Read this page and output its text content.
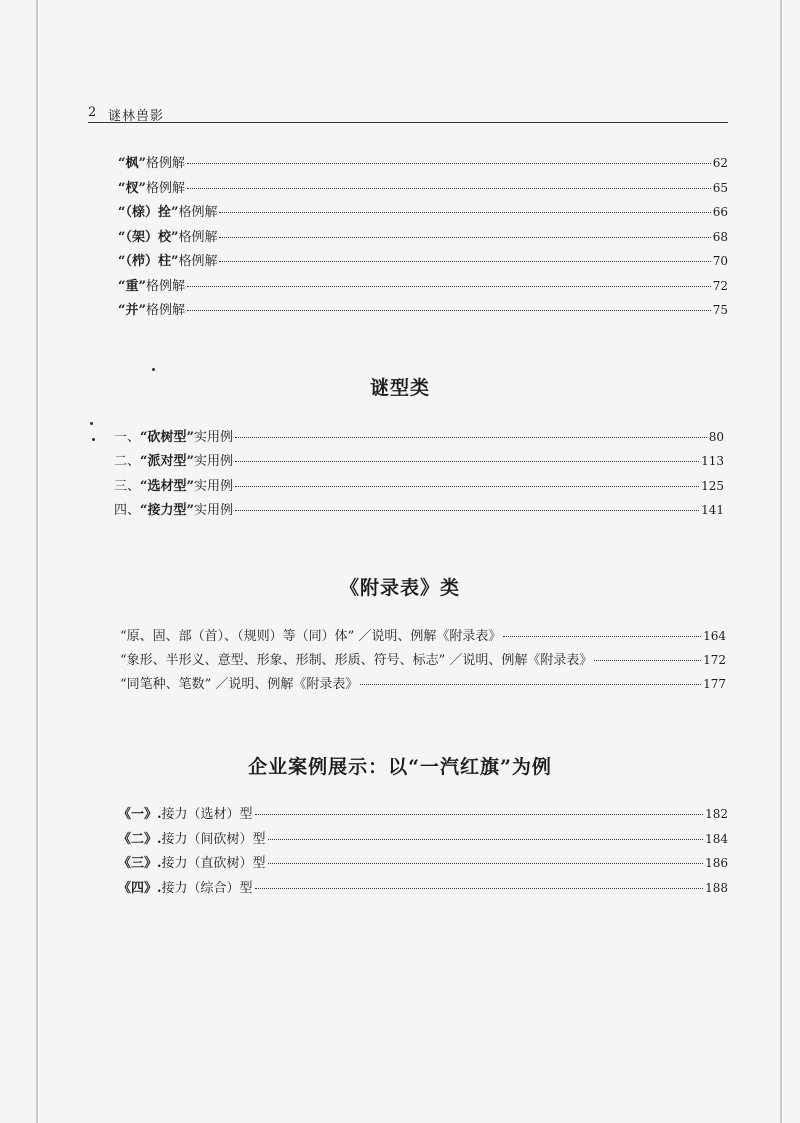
2 谜林兽影
谜型类
《附录表》类
企业案例展示：以“一汽红旗”为例
“枫”格例解	62
“杈”格例解	65
“（榇）拴”格例解	66
“（架）校”格例解	68
“（栉）柱”格例解	70
“重”格例解	72
“并”格例解	75
一、“砍树型”实用例	80
二、“派对型”实用例	113
三、“选材型”实用例	125
四、“接力型”实用例	141
“原、固、部（首）、（规则）等（同）体” ／说明、例解《附录表》	164
“象形、半形义、意型、形象、形制、形质、符号、标志” ／说明、例解《附录表》	172
“同笔种、笔数” ／说明、例解《附录表》	177
《一》.接力（选材）型	182
《二》.接力（间砍树）型	184
《三》.接力（直砍树）型	186
《四》.接力（综合）型	188
